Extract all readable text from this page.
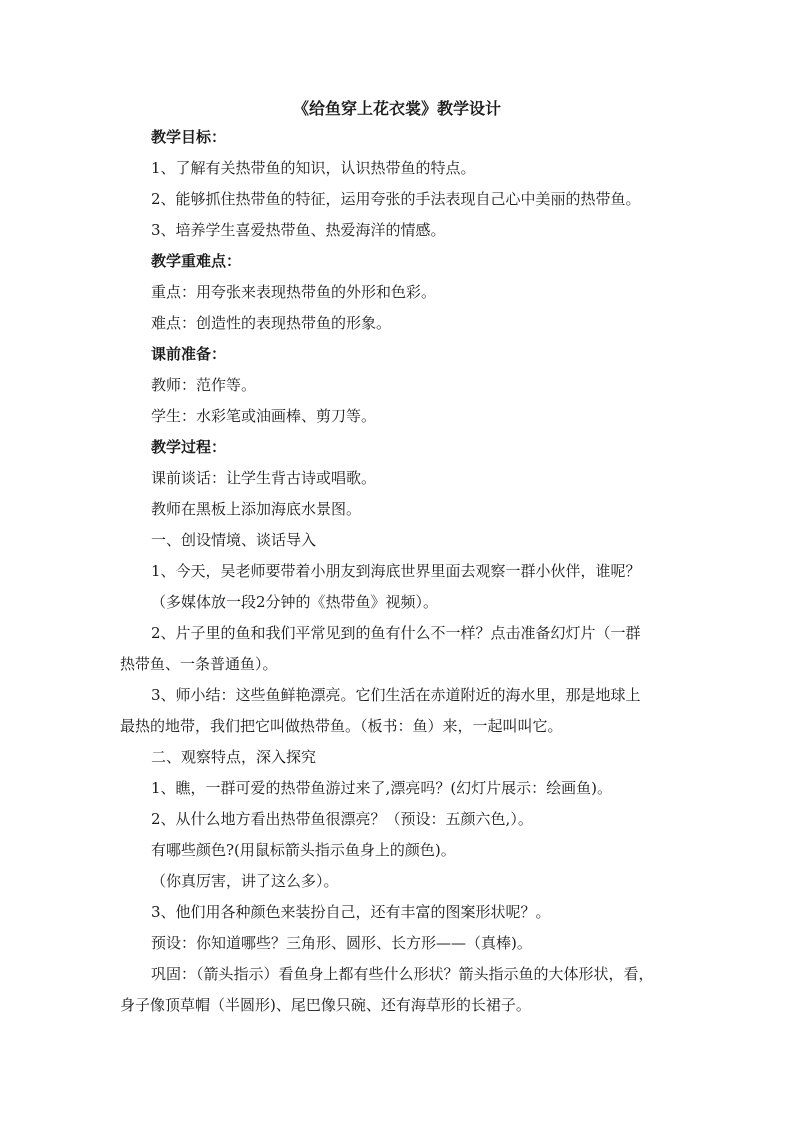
《给鱼穿上花衣裳》教学设计
教学目标：
1、了解有关热带鱼的知识，认识热带鱼的特点。
2、能够抓住热带鱼的特征，运用夸张的手法表现自己心中美丽的热带鱼。
3、培养学生喜爱热带鱼、热爱海洋的情感。
教学重难点：
重点：用夸张来表现热带鱼的外形和色彩。
难点：创造性的表现热带鱼的形象。
课前准备：
教师：范作等。
学生：水彩笔或油画棒、剪刀等。
教学过程：
课前谈话：让学生背古诗或唱歌。
教师在黑板上添加海底水景图。
一、创设情境、谈话导入
1、今天，吴老师要带着小朋友到海底世界里面去观察一群小伙伴，谁呢？
（多媒体放一段2分钟的《热带鱼》视频）。
2、片子里的鱼和我们平常见到的鱼有什么不一样？点击准备幻灯片（一群
热带鱼、一条普通鱼）。
3、师小结：这些鱼鲜艳漂亮。它们生活在赤道附近的海水里，那是地球上
最热的地带，我们把它叫做热带鱼。（板书：鱼）来，一起叫叫它。
二、观察特点，深入探究
1、瞧，一群可爱的热带鱼游过来了,漂亮吗？(幻灯片展示：绘画鱼)。
2、从什么地方看出热带鱼很漂亮？（预设：五颜六色,）。
有哪些颜色?(用鼠标箭头指示鱼身上的颜色)。
（你真厉害，讲了这么多）。
3、他们用各种颜色来装扮自己，还有丰富的图案形状呢？。
预设：你知道哪些？三角形、圆形、长方形——（真棒)。
巩固：（箭头指示）看鱼身上都有些什么形状？箭头指示鱼的大体形状，看，
身子像顶草帽（半圆形)、尾巴像只碗、还有海草形的长裙子。
